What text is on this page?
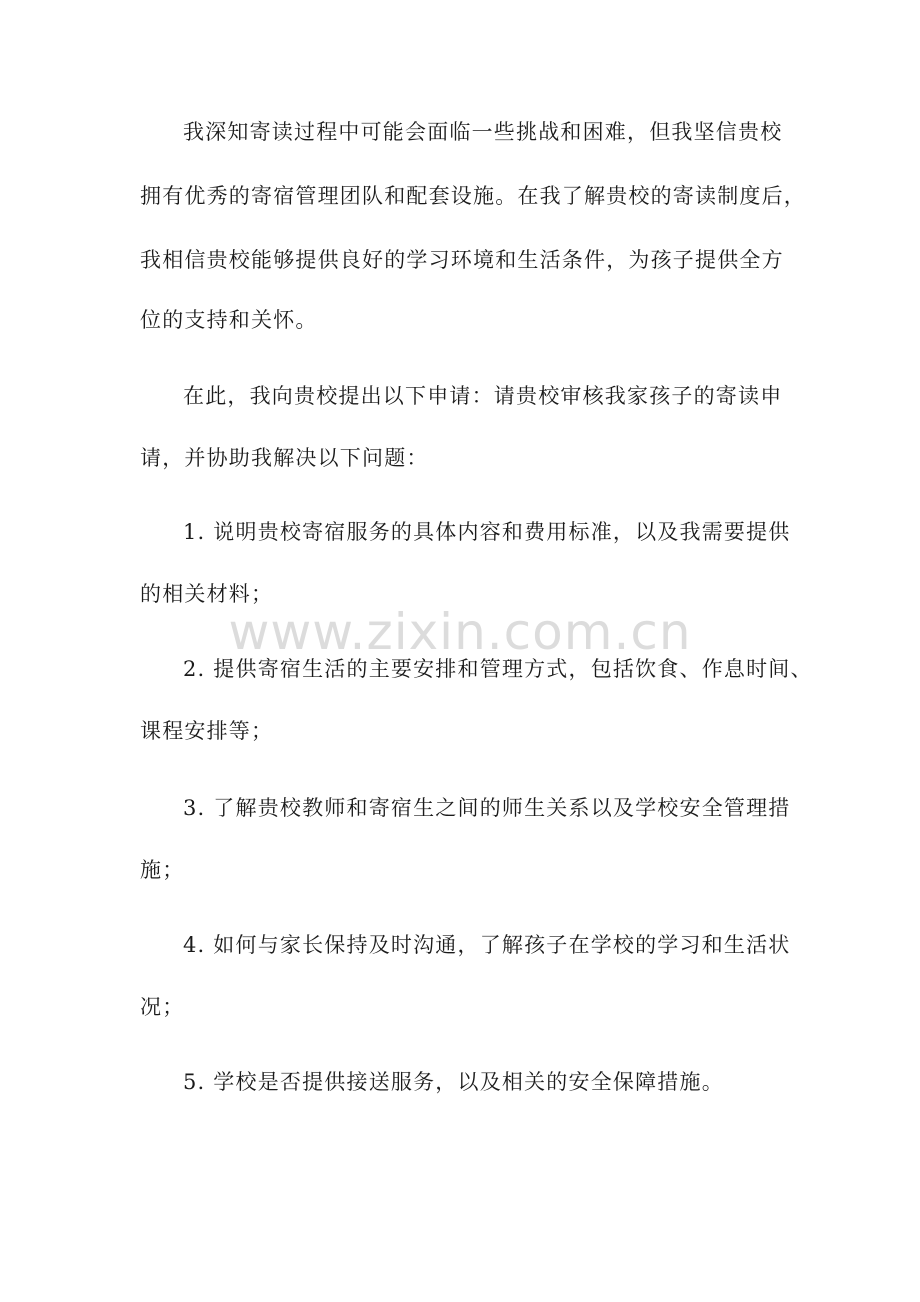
www.zixin.com.cn
我深知寄读过程中可能会面临一些挑战和困难，但我坚信贵校
拥有优秀的寄宿管理团队和配套设施。在我了解贵校的寄读制度后，
我相信贵校能够提供良好的学习环境和生活条件，为孩子提供全方
位的支持和关怀。
在此，我向贵校提出以下申请：请贵校审核我家孩子的寄读申
请，并协助我解决以下问题：
1. 说明贵校寄宿服务的具体内容和费用标准，以及我需要提供
的相关材料；
2. 提供寄宿生活的主要安排和管理方式，包括饮食、作息时间、
课程安排等；
3. 了解贵校教师和寄宿生之间的师生关系以及学校安全管理措
施；
4. 如何与家长保持及时沟通，了解孩子在学校的学习和生活状
况；
5. 学校是否提供接送服务，以及相关的安全保障措施。
